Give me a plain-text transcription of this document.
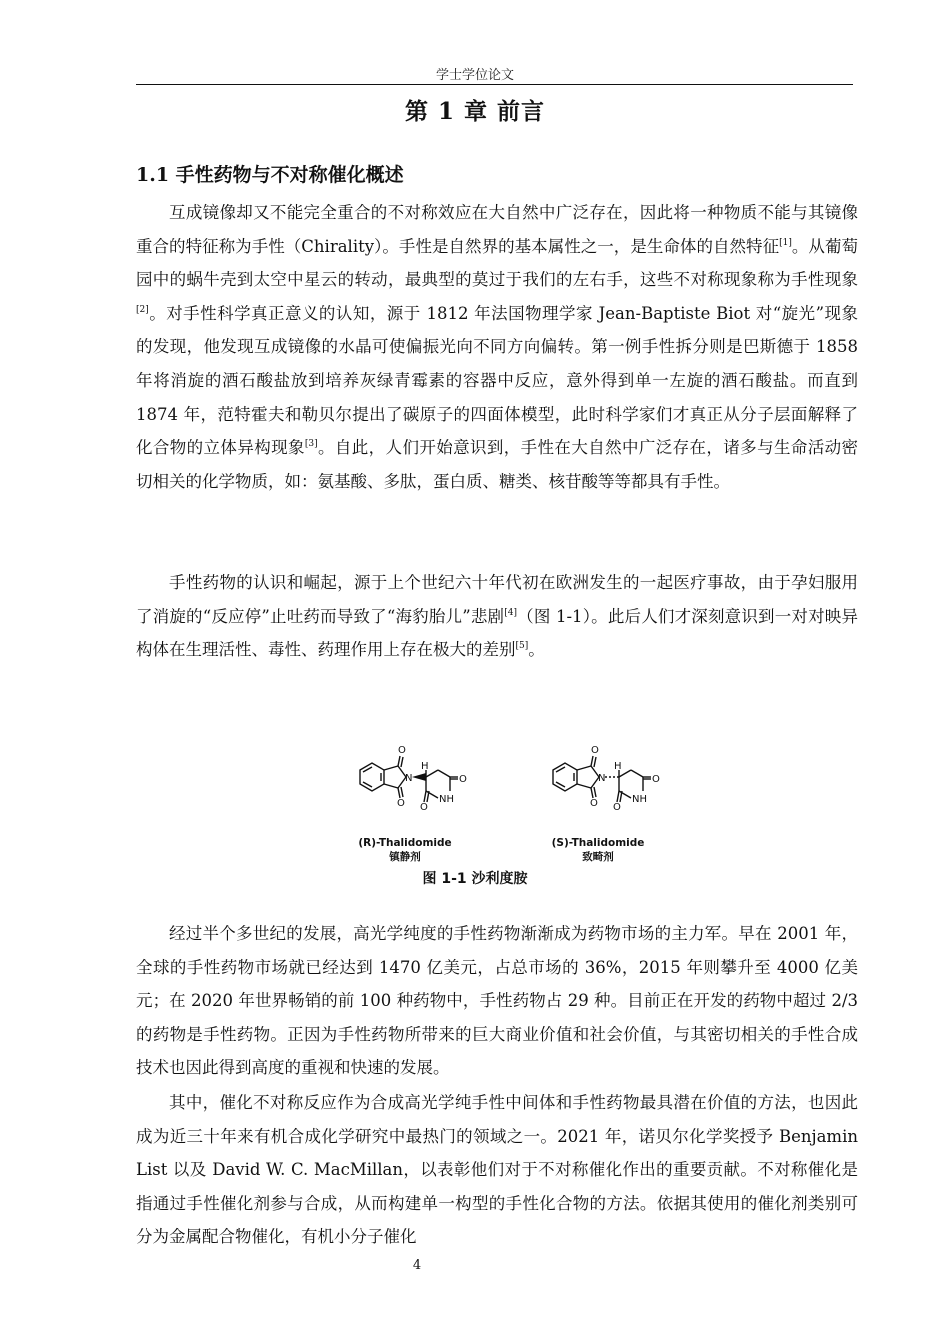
学士学位论文
第 1 章 前言
1.1 手性药物与不对称催化概述

互成镜像却又不能完全重合的不对称效应在大自然中广泛存在，因此将一种物质不能与其镜像重合的特征称为手性（Chirality）。手性是自然界的基本属性之一，是生命体的自然特征[1]。从葡萄园中的蜗牛壳到太空中星云的转动，最典型的莫过于我们的左右手，这些不对称现象称为手性现象[2]。对手性科学真正意义的认知，源于 1812 年法国物理学家 Jean-Baptiste Biot 对“旋光”现象的发现，他发现互成镜像的水晶可使偏振光向不同方向偏转。第一例手性拆分则是巴斯德于 1858 年将消旋的酒石酸盐放到培养灰绿青霉素的容器中反应，意外得到单一左旋的酒石酸盐。而直到 1874 年，范特霍夫和勒贝尔提出了碳原子的四面体模型，此时科学家们才真正从分子层面解释了化合物的立体异构现象[3]。自此，人们开始意识到，手性在大自然中广泛存在，诸多与生命活动密切相关的化学物质，如：氨基酸、多肽，蛋白质、糖类、核苷酸等等都具有手性。

手性药物的认识和崛起，源于上个世纪六十年代初在欧洲发生的一起医疗事故，由于孕妇服用了消旋的“反应停”止吐药而导致了“海豹胎儿”悲剧[4]（图 1-1）。此后人们才深刻意识到一对对映异构体在生理活性、毒性、药理作用上存在极大的差别[5]。

O
O
N
H
O
NH
O
O
O
N
H
O
NH
O
(R)-Thalidomide
镇静剂
(S)-Thalidomide
致畸剂
图 1-1 沙利度胺

经过半个多世纪的发展，高光学纯度的手性药物渐渐成为药物市场的主力军。早在 2001 年，全球的手性药物市场就已经达到 1470 亿美元，占总市场的 36%，2015 年则攀升至 4000 亿美元；在 2020 年世界畅销的前 100 种药物中，手性药物占 29 种。目前正在开发的药物中超过 2/3 的药物是手性药物。正因为手性药物所带来的巨大商业价值和社会价值，与其密切相关的手性合成技术也因此得到高度的重视和快速的发展。

其中，催化不对称反应作为合成高光学纯手性中间体和手性药物最具潜在价值的方法，也因此成为近三十年来有机合成化学研究中最热门的领域之一。2021 年，诺贝尔化学奖授予 Benjamin List 以及 David W. C. MacMillan，以表彰他们对于不对称催化作出的重要贡献。不对称催化是指通过手性催化剂参与合成，从而构建单一构型的手性化合物的方法。依据其使用的催化剂类别可分为金属配合物催化，有机小分子催化

4
